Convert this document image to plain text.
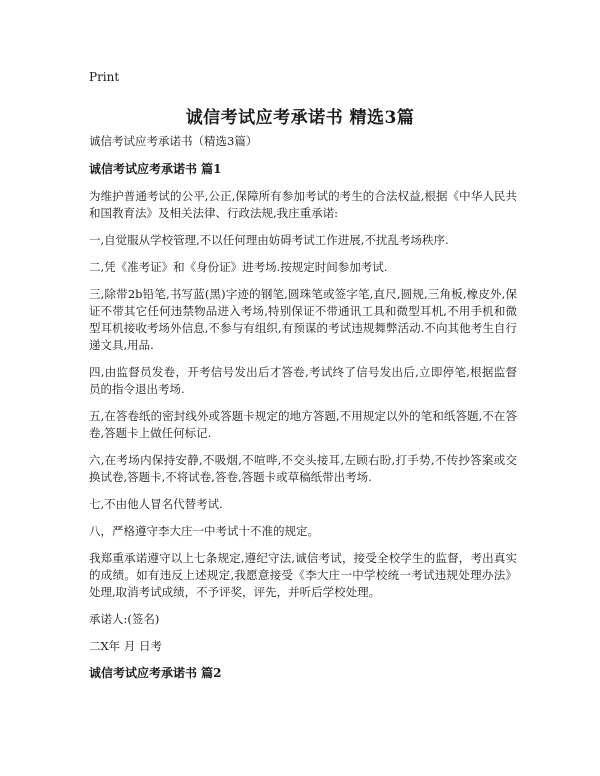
Print
诚信考试应考承诺书 精选3篇

诚信考试应考承诺书（精选3篇）

诚信考试应考承诺书 篇1

为维护普通考试的公平,公正,保障所有参加考试的考生的合法权益,根据《中华人民共和国教育法》及相关法律、行政法规,我庄重承诺:

一,自觉服从学校管理,不以任何理由妨碍考试工作进展,不扰乱考场秩序.

二,凭《准考证》和《身份证》进考场.按规定时间参加考试.

三,除带2b铅笔,书写蓝(黑)字迹的钢笔,圆珠笔或签字笔,直尺,圆规,三角板,橡皮外,保证不带其它任何违禁物品进入考场,特别保证不带通讯工具和微型耳机,不用手机和微型耳机接收考场外信息,不参与有组织,有预谋的考试违规舞弊活动.不向其他考生自行递文具,用品.

四,由监督员发卷，开考信号发出后才答卷,考试终了信号发出后,立即停笔,根据监督员的指令退出考场.

五,在答卷纸的密封线外或答题卡规定的地方答题,不用规定以外的笔和纸答题,不在答卷,答题卡上做任何标记.

六,在考场内保持安静,不吸烟,不喧哗,不交头接耳,左顾右盼,打手势,不传抄答案或交换试卷,答题卡,不将试卷,答卷,答题卡或草稿纸带出考场.

七,不由他人冒名代替考试.

八，严格遵守李大庄一中考试十不准的规定。

我郑重承诺遵守以上七条规定,遵纪守法,诚信考试，接受全校学生的监督，考出真实的成绩。如有违反上述规定,我愿意接受《李大庄一中学校统一考试违规处理办法》处理,取消考试成绩，不予评奖，评先，并听后学校处理。

承诺人:(签名)

二X年 月 日考

诚信考试应考承诺书 篇2
